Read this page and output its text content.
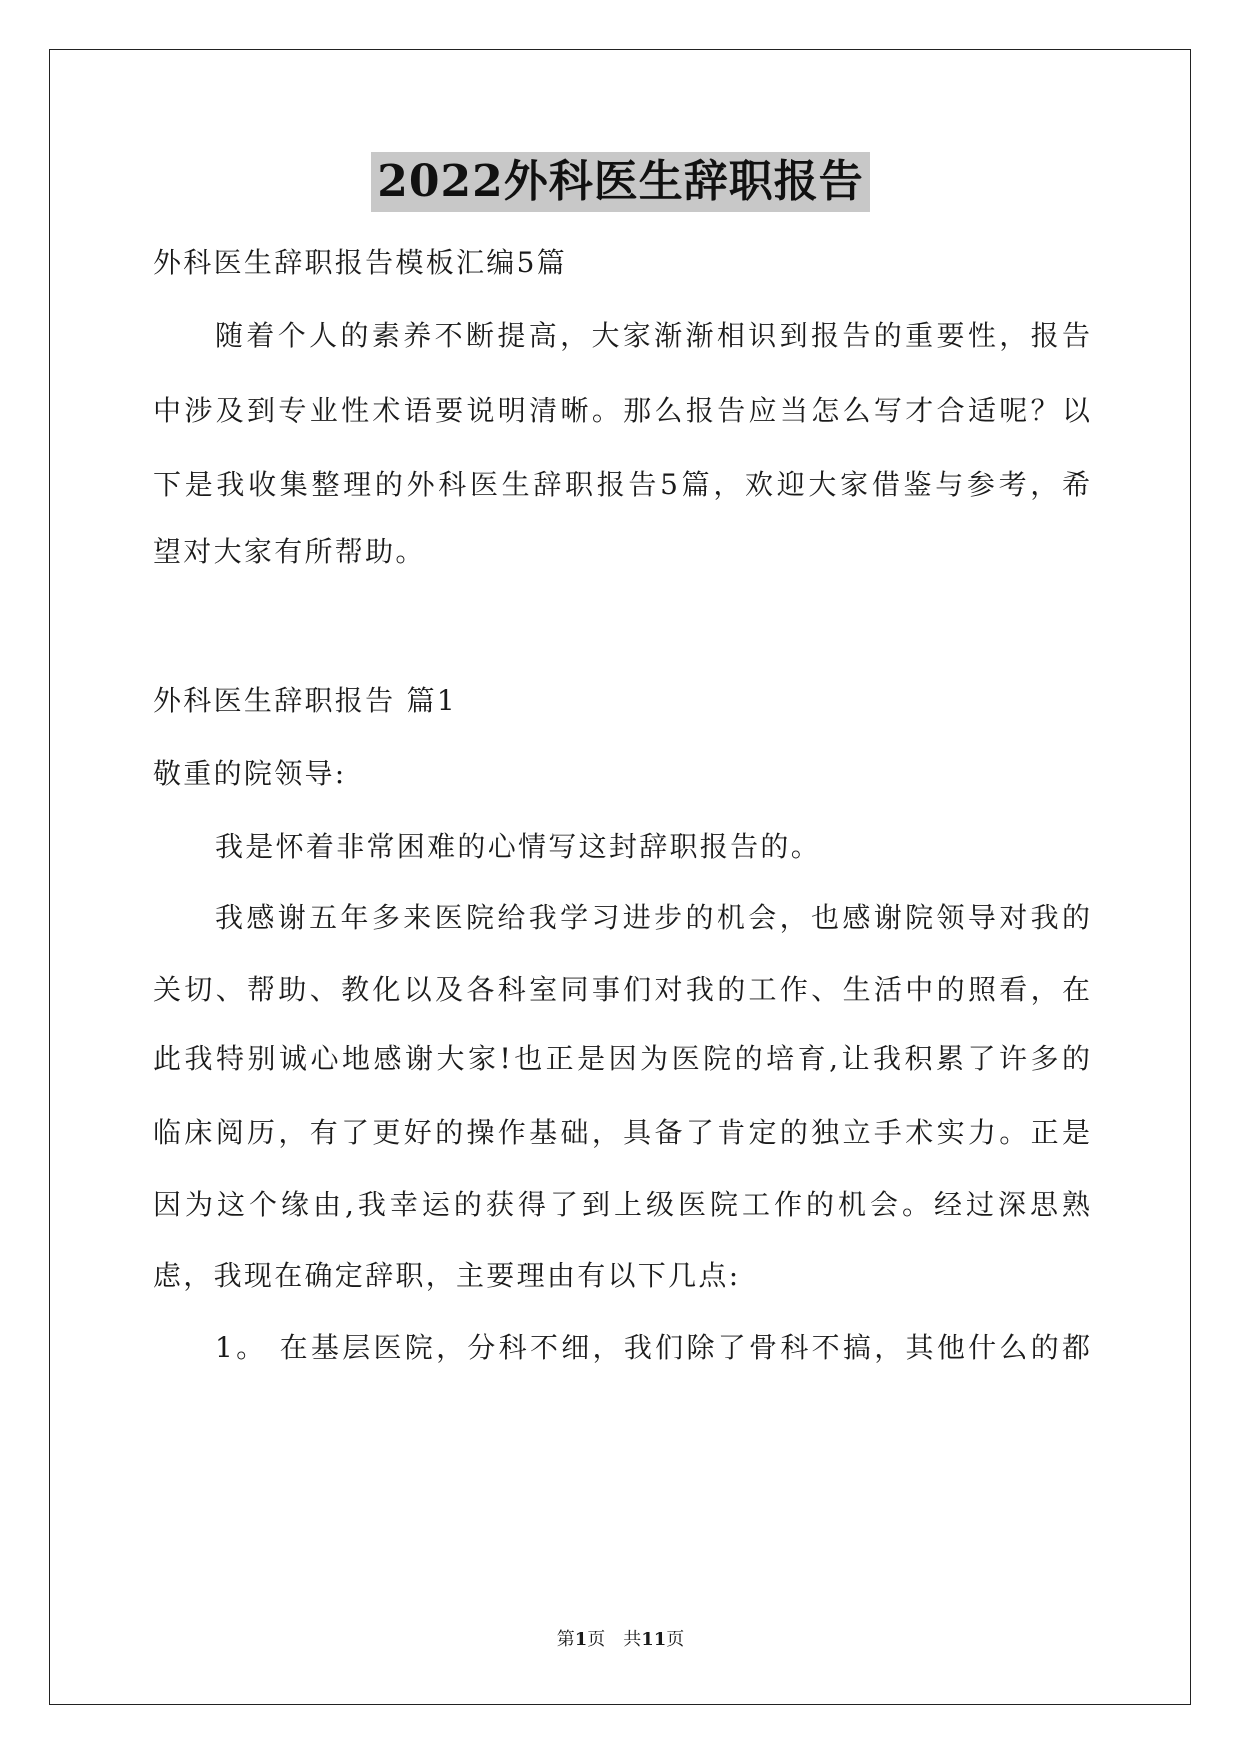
2022外科医生辞职报告
外科医生辞职报告模板汇编5篇
随着个人的素养不断提高，大家渐渐相识到报告的重要性，报告
中涉及到专业性术语要说明清晰。那么报告应当怎么写才合适呢？以
下是我收集整理的外科医生辞职报告5篇，欢迎大家借鉴与参考，希
望对大家有所帮助。
外科医生辞职报告 篇1
敬重的院领导:
我是怀着非常困难的心情写这封辞职报告的。
我感谢五年多来医院给我学习进步的机会，也感谢院领导对我的
关切、帮助、教化以及各科室同事们对我的工作、生活中的照看，在
此我特别诚心地感谢大家!也正是因为医院的培育,让我积累了许多的
临床阅历，有了更好的操作基础，具备了肯定的独立手术实力。正是
因为这个缘由,我幸运的获得了到上级医院工作的机会。经过深思熟
虑，我现在确定辞职，主要理由有以下几点:
1。 在基层医院，分科不细，我们除了骨科不搞，其他什么的都
第1页 共11页
